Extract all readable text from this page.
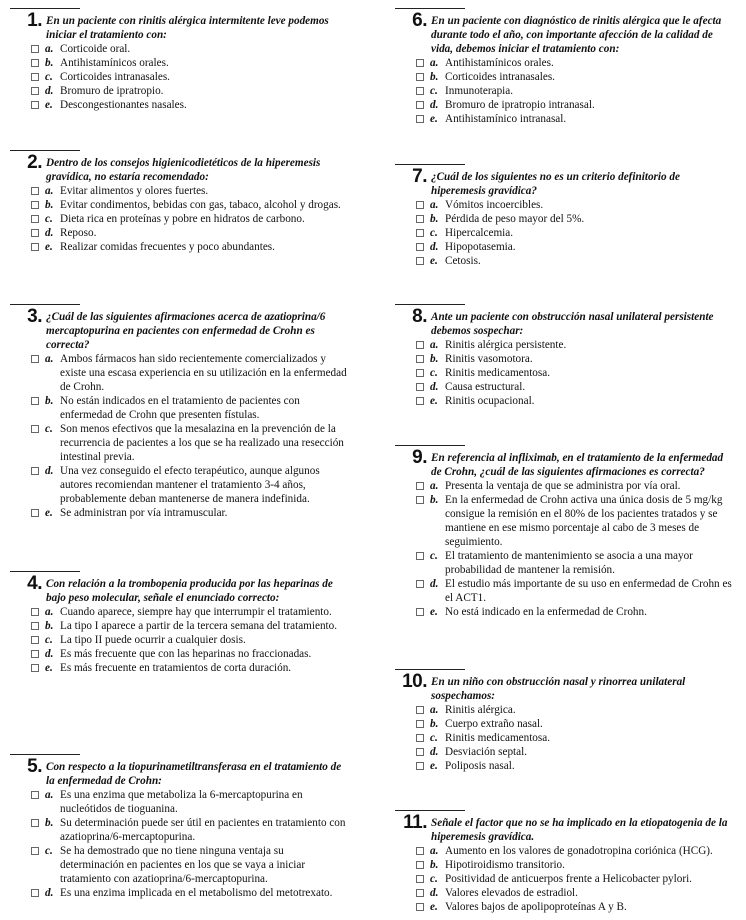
1. En un paciente con rinitis alérgica intermitente leve podemos iniciar el tratamiento con:
a. Corticoide oral.
b. Antihistamínicos orales.
c. Corticoides intranasales.
d. Bromuro de ipratropio.
e. Descongestionantes nasales.
2. Dentro de los consejos higienicodietéticos de la hiperemesis gravídica, no estaría recomendado:
a. Evitar alimentos y olores fuertes.
b. Evitar condimentos, bebidas con gas, tabaco, alcohol y drogas.
c. Dieta rica en proteínas y pobre en hidratos de carbono.
d. Reposo.
e. Realizar comidas frecuentes y poco abundantes.
3. ¿Cuál de las siguientes afirmaciones acerca de azatioprina/6 mercaptopurina en pacientes con enfermedad de Crohn es correcta?
a. Ambos fármacos han sido recientemente comercializados y existe una escasa experiencia en su utilización en la enfermedad de Crohn.
b. No están indicados en el tratamiento de pacientes con enfermedad de Crohn que presenten fístulas.
c. Son menos efectivos que la mesalazina en la prevención de la recurrencia de pacientes a los que se ha realizado una resección intestinal previa.
d. Una vez conseguido el efecto terapéutico, aunque algunos autores recomiendan mantener el tratamiento 3-4 años, probablemente deban mantenerse de manera indefinida.
e. Se administran por vía intramuscular.
4. Con relación a la trombopenia producida por las heparinas de bajo peso molecular, señale el enunciado correcto:
a. Cuando aparece, siempre hay que interrumpir el tratamiento.
b. La tipo I aparece a partir de la tercera semana del tratamiento.
c. La tipo II puede ocurrir a cualquier dosis.
d. Es más frecuente que con las heparinas no fraccionadas.
e. Es más frecuente en tratamientos de corta duración.
5. Con respecto a la tiopurinametiltransferasa en el tratamiento de la enfermedad de Crohn:
a. Es una enzima que metaboliza la 6-mercaptopurina en nucleótidos de tioguanina.
b. Su determinación puede ser útil en pacientes en tratamiento con azatioprina/6-mercaptopurina.
c. Se ha demostrado que no tiene ninguna ventaja su determinación en pacientes en los que se vaya a iniciar tratamiento con azatioprina/6-mercaptopurina.
d. Es una enzima implicada en el metabolismo del metotrexato.
6. En un paciente con diagnóstico de rinitis alérgica que le afecta durante todo el año, con importante afección de la calidad de vida, debemos iniciar el tratamiento con:
a. Antihistamínicos orales.
b. Corticoides intranasales.
c. Inmunoterapia.
d. Bromuro de ipratropio intranasal.
e. Antihistamínico intranasal.
7. ¿Cuál de los siguientes no es un criterio definitorio de hiperemesis gravídica?
a. Vómitos incoercibles.
b. Pérdida de peso mayor del 5%.
c. Hipercalcemia.
d. Hipopotasemia.
e. Cetosis.
8. Ante un paciente con obstrucción nasal unilateral persistente debemos sospechar:
a. Rinitis alérgica persistente.
b. Rinitis vasomotora.
c. Rinitis medicamentosa.
d. Causa estructural.
e. Rinitis ocupacional.
9. En referencia al infliximab, en el tratamiento de la enfermedad de Crohn, ¿cuál de las siguientes afirmaciones es correcta?
a. Presenta la ventaja de que se administra por vía oral.
b. En la enfermedad de Crohn activa una única dosis de 5 mg/kg consigue la remisión en el 80% de los pacientes tratados y se mantiene en ese mismo porcentaje al cabo de 3 meses de seguimiento.
c. El tratamiento de mantenimiento se asocia a una mayor probabilidad de mantener la remisión.
d. El estudio más importante de su uso en enfermedad de Crohn es el ACT1.
e. No está indicado en la enfermedad de Crohn.
10. En un niño con obstrucción nasal y rinorrea unilateral sospechamos:
a. Rinitis alérgica.
b. Cuerpo extraño nasal.
c. Rinitis medicamentosa.
d. Desviación septal.
e. Poliposis nasal.
11. Señale el factor que no se ha implicado en la etiopatogenia de la hiperemesis gravídica.
a. Aumento en los valores de gonadotropina coriónica (HCG).
b. Hipotiroidismo transitorio.
c. Positividad de anticuerpos frente a Helicobacter pylori.
d. Valores elevados de estradiol.
e. Valores bajos de apolipoproteínas A y B.
